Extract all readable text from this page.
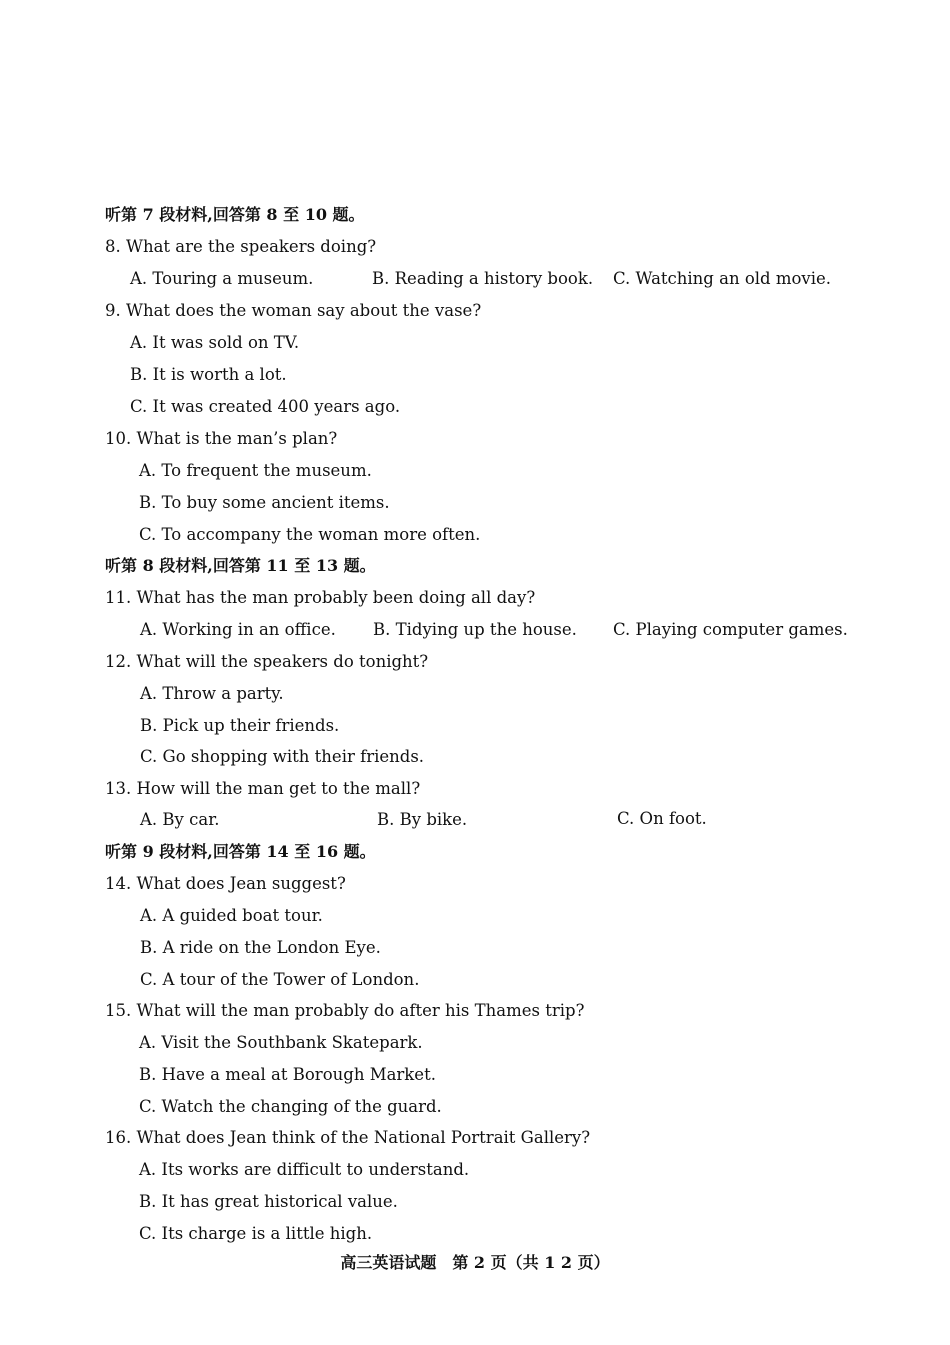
听第 7 段材料,回答第 8 至 10 题。
8. What are the speakers doing?
A. Touring a museum.	B. Reading a history book. C. Watching an old movie.
9. What does the woman say about the vase?
A. It was sold on TV.
B. It is worth a lot.
C. It was created 400 years ago.
10. What is the man’s plan?
A. To frequent the museum.
B. To buy some ancient items.
C. To accompany the woman more often.
听第 8 段材料,回答第 11 至 13 题。
11. What has the man probably been doing all day?
A. Working in an office. B. Tidying up the house. C. Playing computer games.
12. What will the speakers do tonight?
A. Throw a party.
B. Pick up their friends.
C. Go shopping with their friends.
13. How will the man get to the mall?
A. By car.	B. By bike.	C. On foot.
听第 9 段材料,回答第 14 至 16 题。
14. What does Jean suggest?
A. A guided boat tour.
B. A ride on the London Eye.
C. A tour of the Tower of London.
15. What will the man probably do after his Thames trip?
A. Visit the Southbank Skatepark.
B. Have a meal at Borough Market.
C. Watch the changing of the guard.
16. What does Jean think of the National Portrait Gallery?
A. Its works are difficult to understand.
B. It has great historical value.
C. Its charge is a little high.
高三英语试题　第 2 页（共 1 2 页）
